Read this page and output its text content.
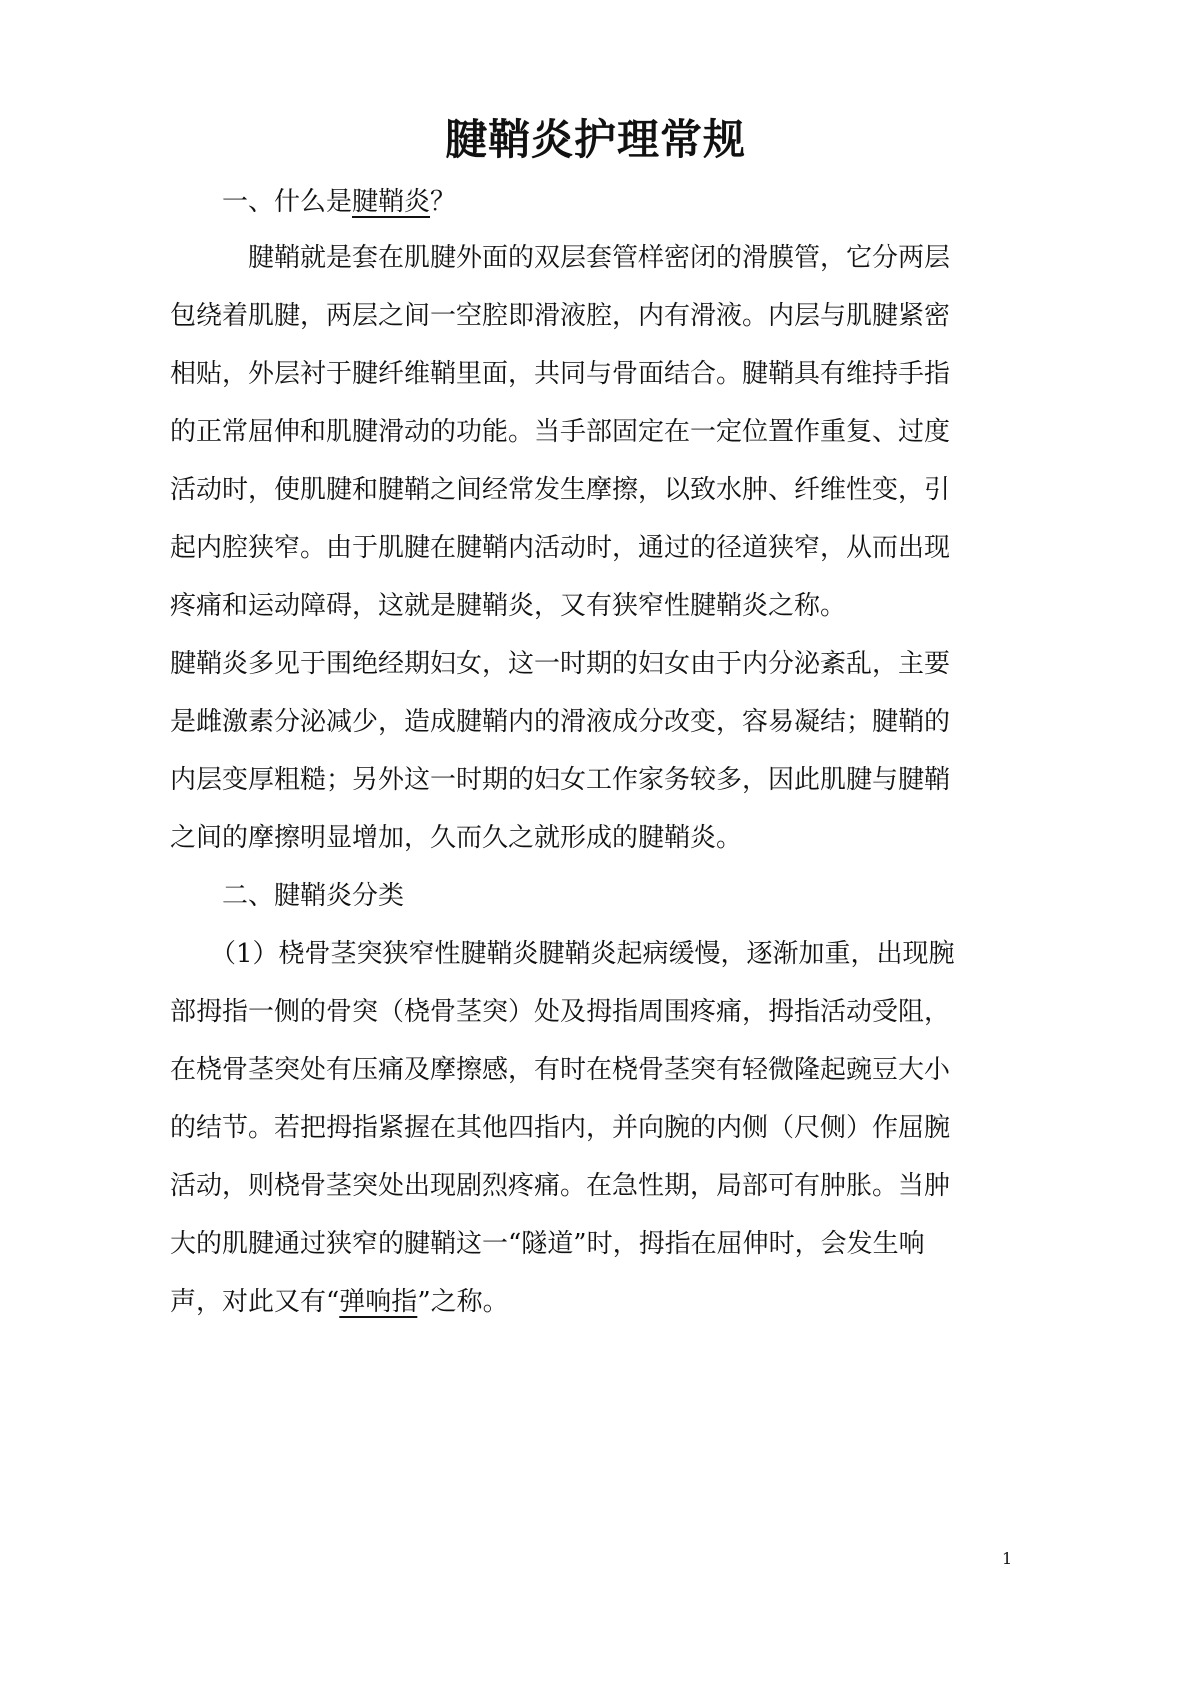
腱鞘炎护理常规
一、什么是腱鞘炎？
腱鞘就是套在肌腱外面的双层套管样密闭的滑膜管，它分两层
包绕着肌腱，两层之间一空腔即滑液腔，内有滑液。内层与肌腱紧密
相贴，外层衬于腱纤维鞘里面，共同与骨面结合。腱鞘具有维持手指
的正常屈伸和肌腱滑动的功能。当手部固定在一定位置作重复、过度
活动时，使肌腱和腱鞘之间经常发生摩擦，以致水肿、纤维性变，引
起内腔狭窄。由于肌腱在腱鞘内活动时，通过的径道狭窄，从而出现
疼痛和运动障碍，这就是腱鞘炎，又有狭窄性腱鞘炎之称。
腱鞘炎多见于围绝经期妇女，这一时期的妇女由于内分泌紊乱，主要
是雌激素分泌减少，造成腱鞘内的滑液成分改变，容易凝结；腱鞘的
内层变厚粗糙；另外这一时期的妇女工作家务较多，因此肌腱与腱鞘
之间的摩擦明显增加，久而久之就形成的腱鞘炎。
二、腱鞘炎分类
（1）桡骨茎突狭窄性腱鞘炎腱鞘炎起病缓慢，逐渐加重，出现腕
部拇指一侧的骨突（桡骨茎突）处及拇指周围疼痛，拇指活动受阻，
在桡骨茎突处有压痛及摩擦感，有时在桡骨茎突有轻微隆起豌豆大小
的结节。若把拇指紧握在其他四指内，并向腕的内侧（尺侧）作屈腕
活动，则桡骨茎突处出现剧烈疼痛。在急性期，局部可有肿胀。当肿
大的肌腱通过狭窄的腱鞘这一“隧道”时，拇指在屈伸时，会发生响
声，对此又有“弹响指”之称。
1
